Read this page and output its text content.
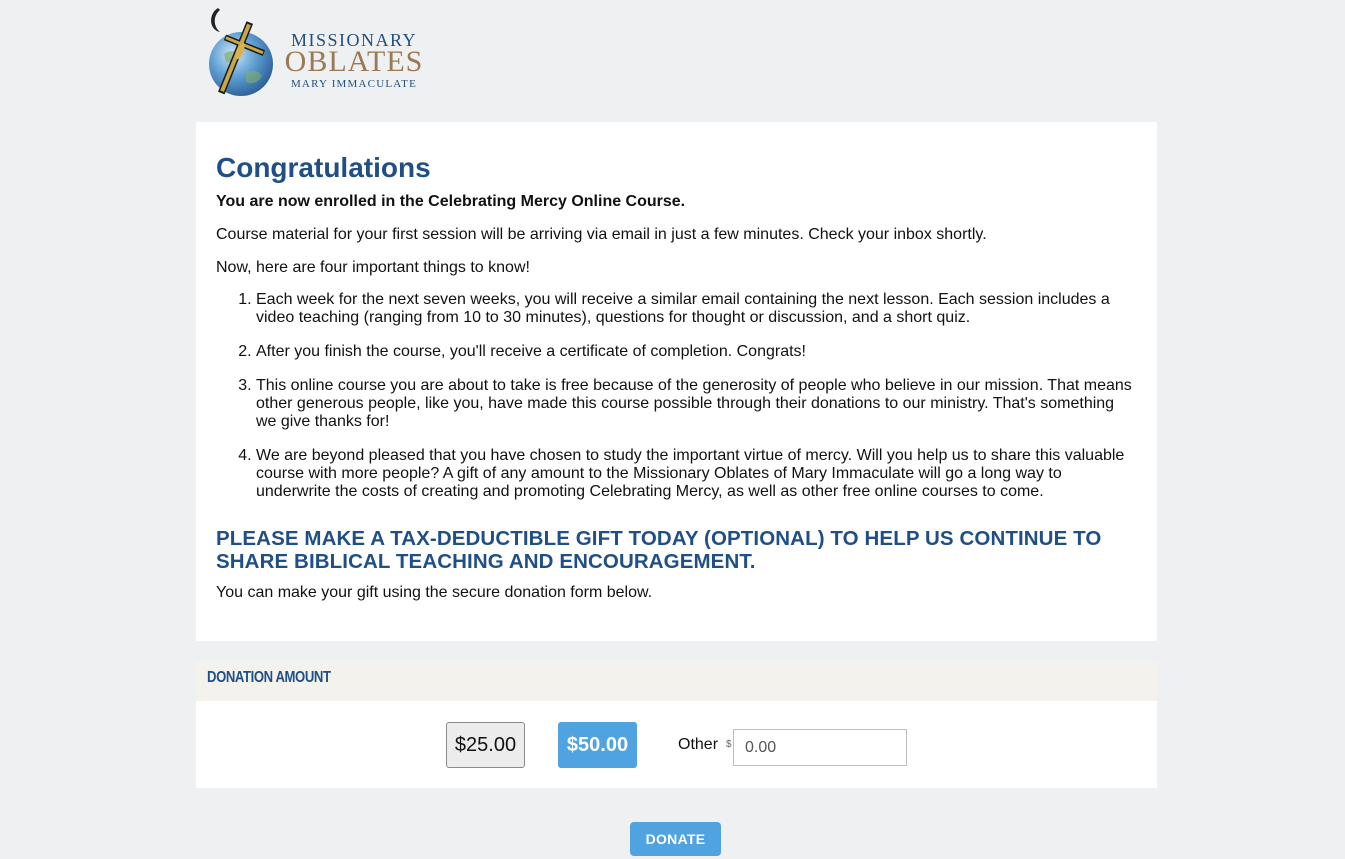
MISSIONARY
OBLATES
MARY IMMACULATE
Congratulations

You are now enrolled in the Celebrating Mercy Online Course.

Course material for your first session will be arriving via email in just a few minutes. Check your inbox shortly.

Now, here are four important things to know!

1. Each week for the next seven weeks, you will receive a similar email containing the next lesson. Each session includes a video teaching (ranging from 10 to 30 minutes), questions for thought or discussion, and a short quiz.
2. After you finish the course, you'll receive a certificate of completion. Congrats!
3. This online course you are about to take is free because of the generosity of people who believe in our mission. That means other generous people, like you, have made this course possible through their donations to our ministry. That's something we give thanks for!
4. We are beyond pleased that you have chosen to study the important virtue of mercy. Will you help us to share this valuable course with more people? A gift of any amount to the Missionary Oblates of Mary Immaculate will go a long way to underwrite the costs of creating and promoting Celebrating Mercy, as well as other free online courses to come.
PLEASE MAKE A TAX-DEDUCTIBLE GIFT TODAY (OPTIONAL) TO HELP US CONTINUE TO SHARE BIBLICAL TEACHING AND ENCOURAGEMENT.

You can make your gift using the secure donation form below.

DONATION AMOUNT
$25.00	$50.00	Other $
0.00
DONATE
